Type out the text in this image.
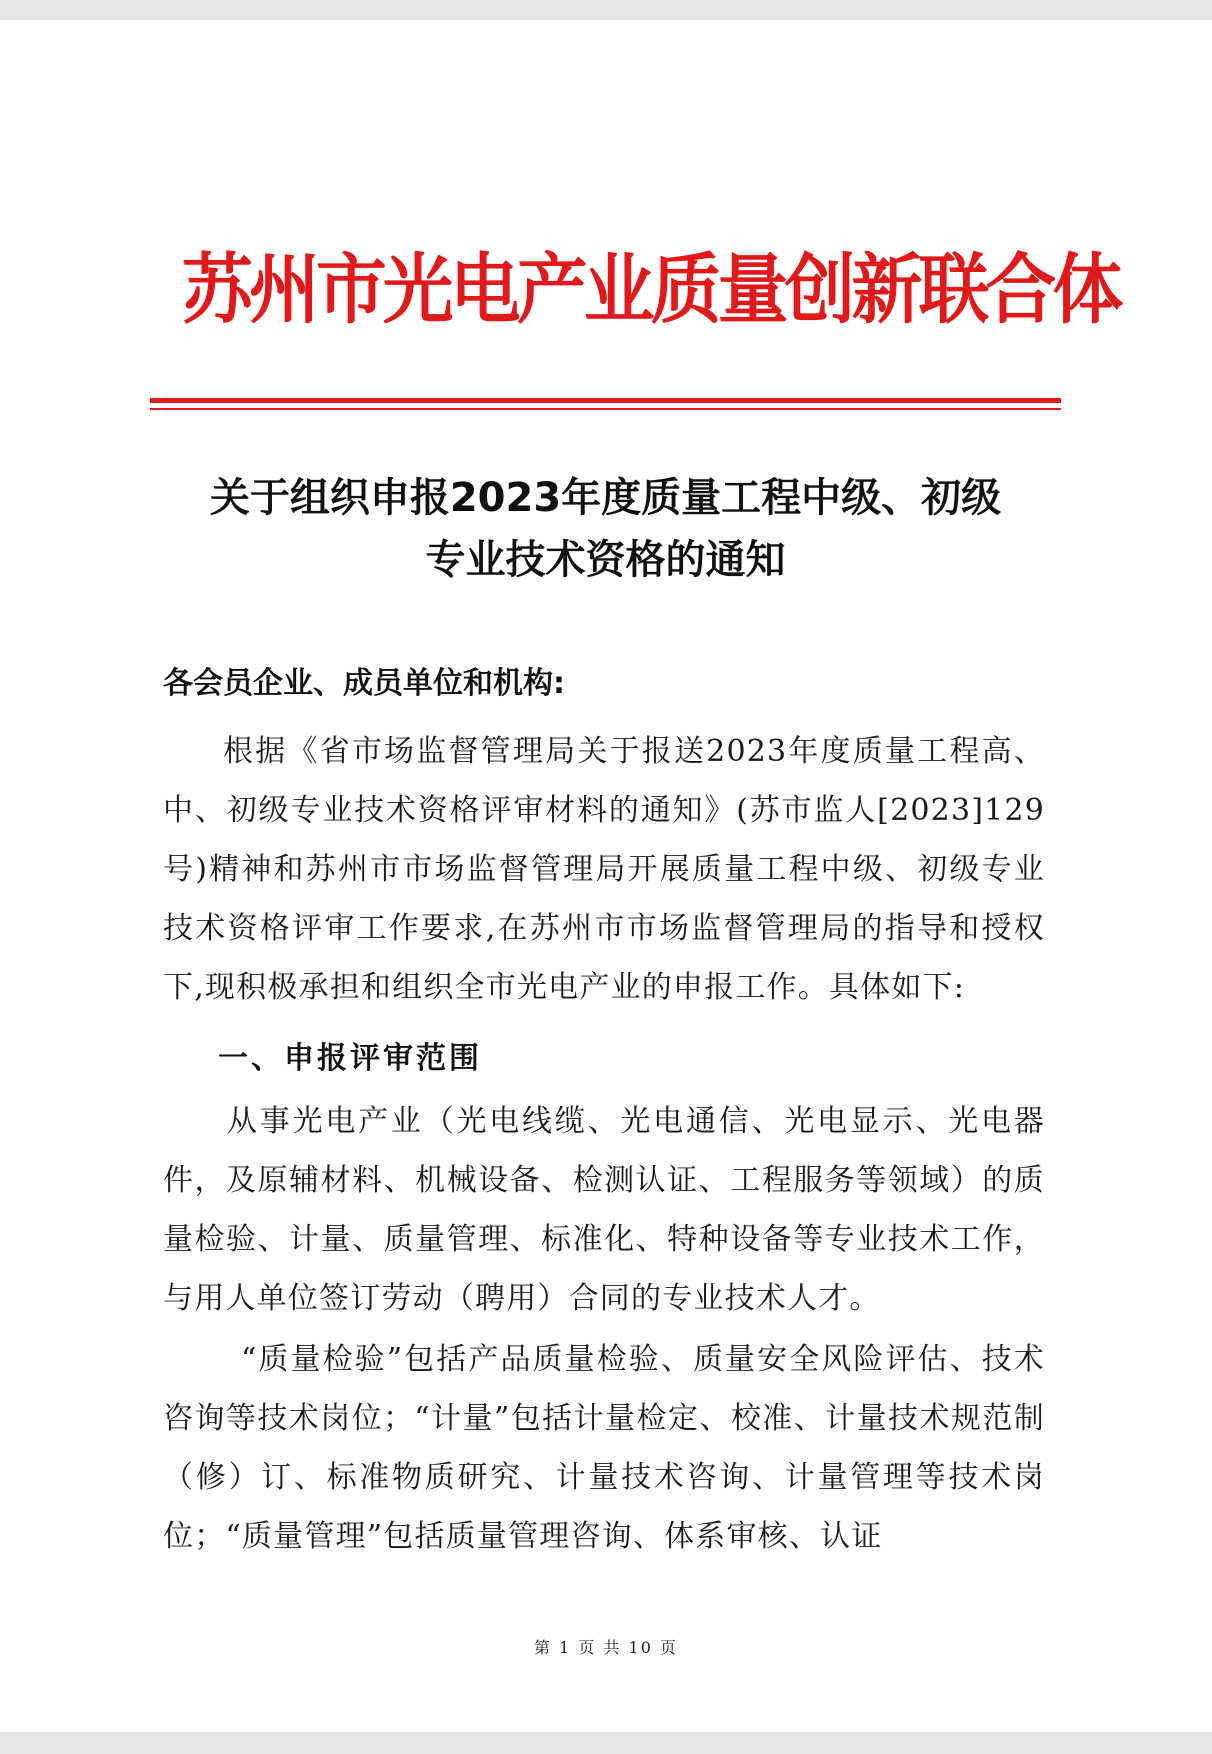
苏州市光电产业质量创新联合体
关于组织申报2023年度质量工程中级、初级
专业技术资格的通知
各会员企业、成员单位和机构:
根据《省市场监督管理局关于报送2023年度质量工程高、中、初级专业技术资格评审材料的通知》(苏市监人[2023]129号)精神和苏州市市场监督管理局开展质量工程中级、初级专业技术资格评审工作要求,在苏州市市场监督管理局的指导和授权下,现积极承担和组织全市光电产业的申报工作。具体如下:
一、申报评审范围
从事光电产业（光电线缆、光电通信、光电显示、光电器件，及原辅材料、机械设备、检测认证、工程服务等领域）的质量检验、计量、质量管理、标准化、特种设备等专业技术工作，与用人单位签订劳动（聘用）合同的专业技术人才。
“质量检验”包括产品质量检验、质量安全风险评估、技术咨询等技术岗位；“计量”包括计量检定、校准、计量技术规范制（修）订、标准物质研究、计量技术咨询、计量管理等技术岗位；“质量管理”包括质量管理咨询、体系审核、认证
第 1 页 共 10 页
